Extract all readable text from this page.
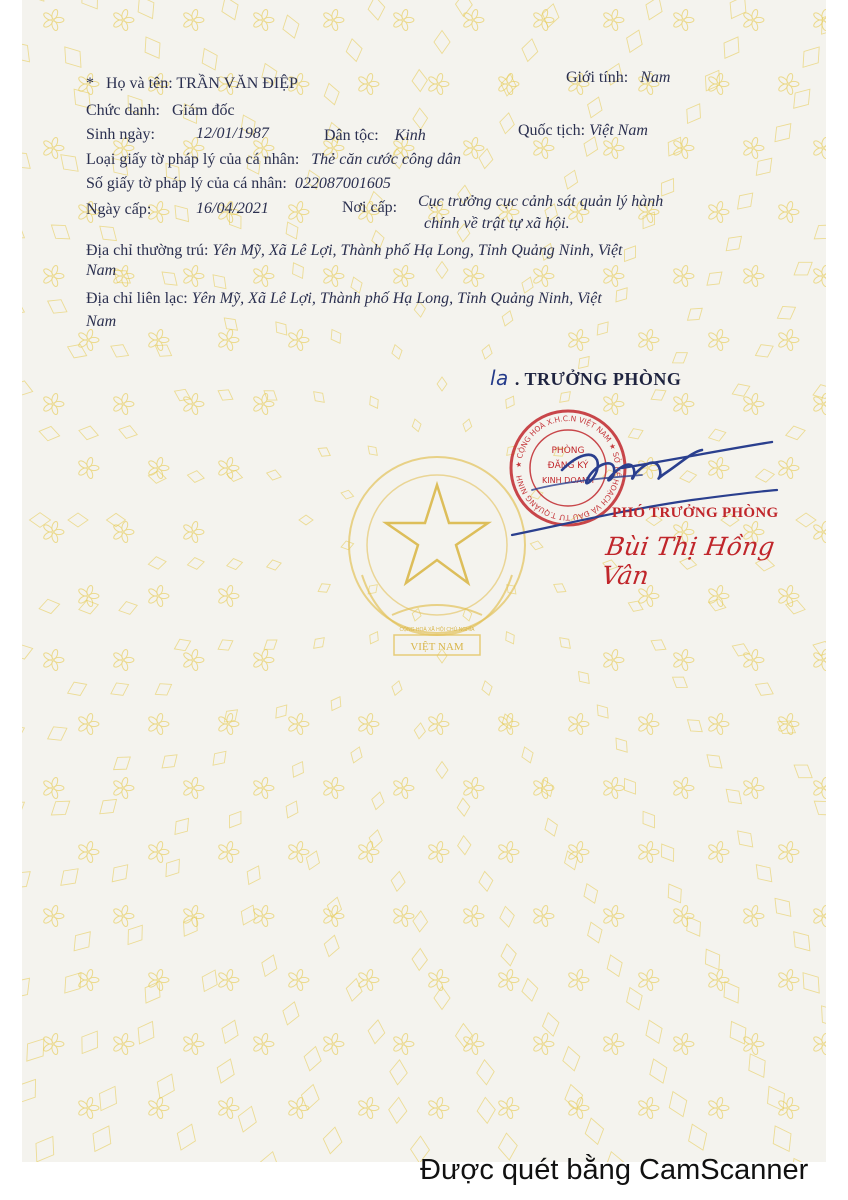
VIỆT NAM
CỘNG HOÀ XÃ HỘI CHỦ NGHĨA
* Họ và tên: TRẦN VĂN ĐIỆP	Giới tính: Nam
Chức danh: Giám đốc
Sinh ngày:	12/01/1987	Dân tộc: Kinh	Quốc tịch: Việt Nam
Loại giấy tờ pháp lý của cá nhân: Thẻ căn cước công dân
Số giấy tờ pháp lý của cá nhân: 022087001605
Ngày cấp:	16/04/2021	Nơi cấp: Cục trưởng cục cảnh sát quản lý hành
chính về trật tự xã hội.
Địa chỉ thường trú: Yên Mỹ, Xã Lê Lợi, Thành phố Hạ Long, Tỉnh Quảng Ninh, Việt
Nam
Địa chỉ liên lạc: Yên Mỹ, Xã Lê Lợi, Thành phố Hạ Long, Tỉnh Quảng Ninh, Việt
Nam
la . TRƯỞNG PHÒNG
★ CỘNG HOÀ X.H.C.N VIỆT NAM ★ SỞ KẾ HOẠCH VÀ ĐẦU TƯ T.QUẢNG NINH
PHÒNG
ĐĂNG KÝ
KINH DOANH
PHÓ TRƯỞNG PHÒNG
Bùi Thị Hồng Vân
Được quét bằng CamScanner
